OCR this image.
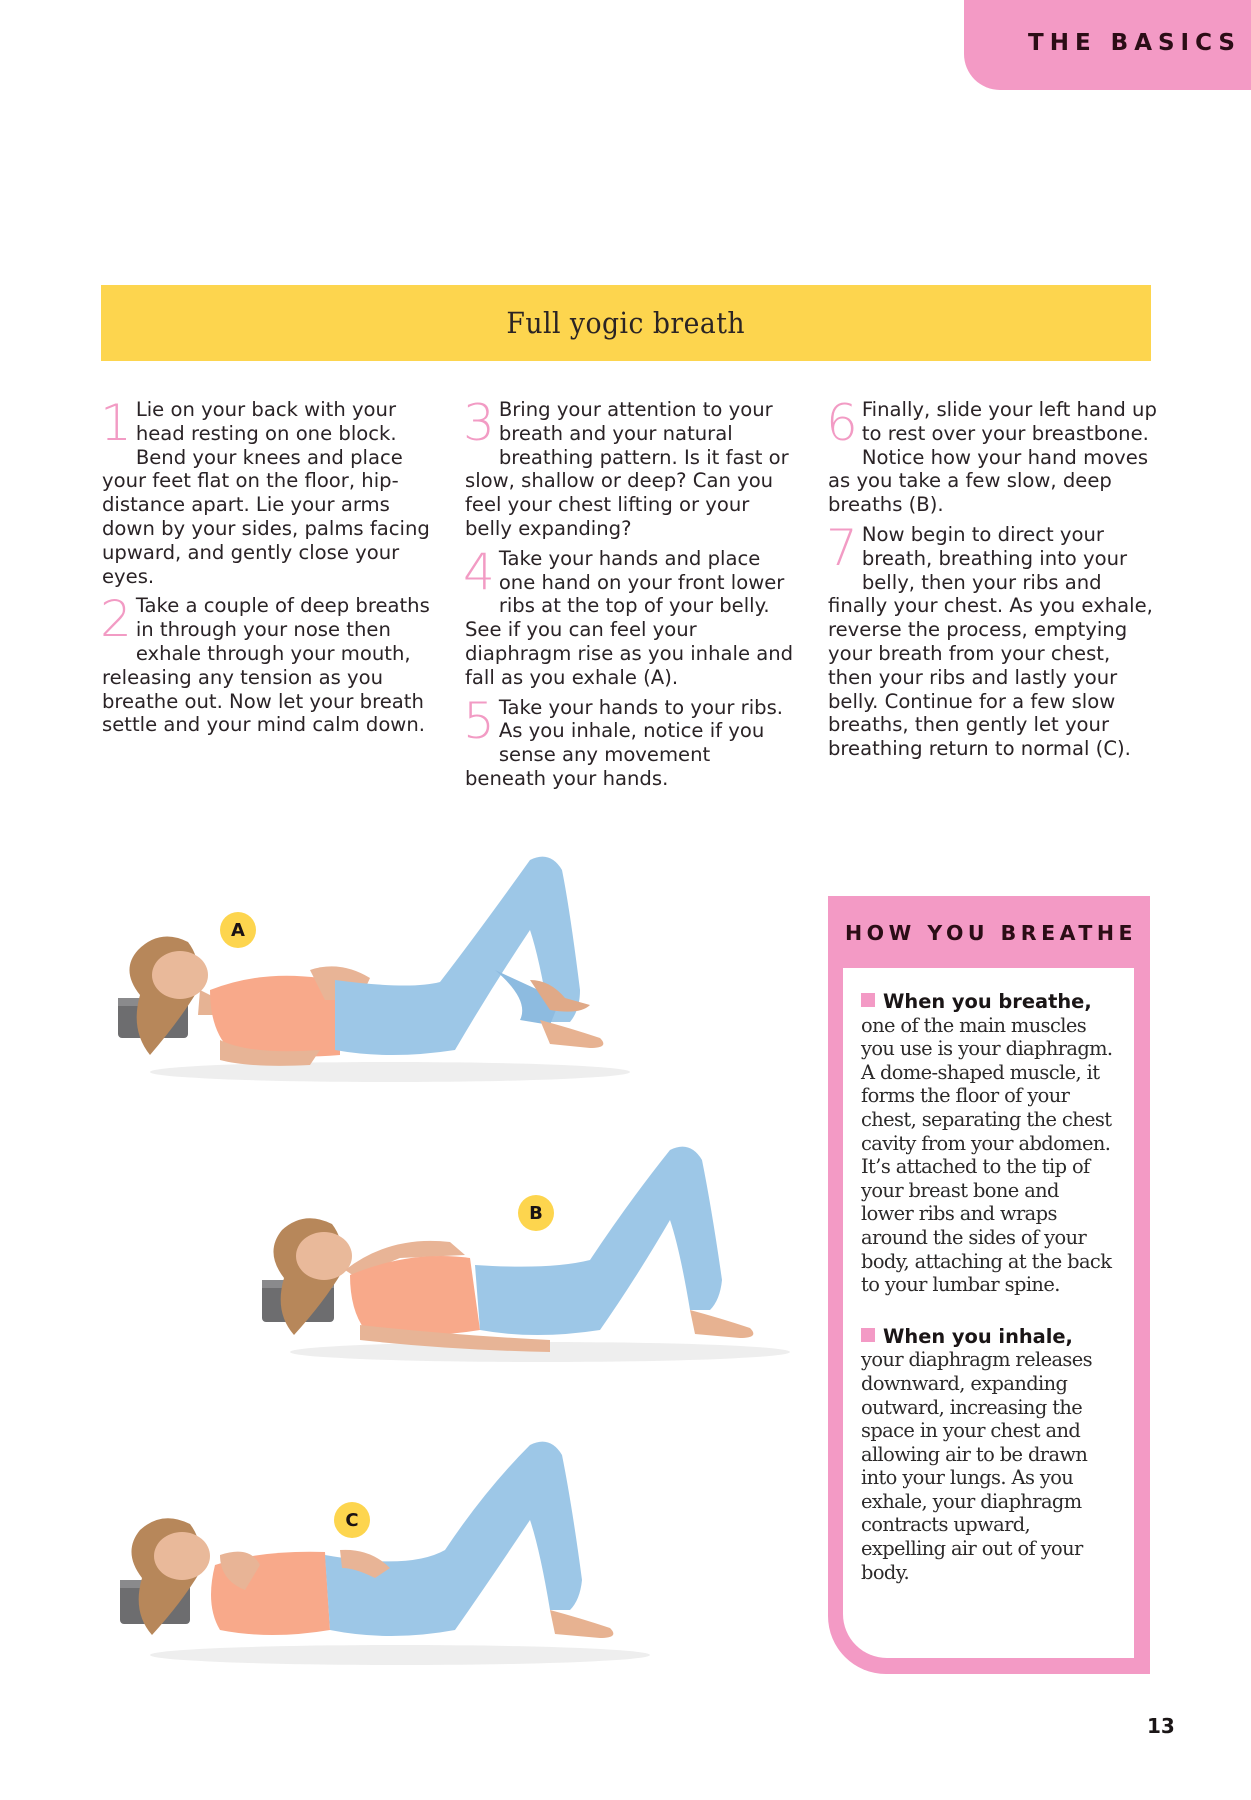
THE BASICS
Full yogic breath

1 Lie on your back with your head resting on one block. Bend your knees and place your feet flat on the floor, hip-distance apart. Lie your arms down by your sides, palms facing upward, and gently close your eyes.

2 Take a couple of deep breaths in through your nose then exhale through your mouth, releasing any tension as you breathe out. Now let your breath settle and your mind calm down.

3 Bring your attention to your breath and your natural breathing pattern. Is it fast or slow, shallow or deep? Can you feel your chest lifting or your belly expanding?

4 Take your hands and place one hand on your front lower ribs at the top of your belly. See if you can feel your diaphragm rise as you inhale and fall as you exhale (A).

5 Take your hands to your ribs. As you inhale, notice if you sense any movement beneath your hands.

6 Finally, slide your left hand up to rest over your breastbone. Notice how your hand moves as you take a few slow, deep breaths (B).

7 Now begin to direct your breath, breathing into your belly, then your ribs and finally your chest. As you exhale, reverse the process, emptying your breath from your chest, then your ribs and lastly your belly. Continue for a few slow breaths, then gently let your breathing return to normal (C).

A
B
C
HOW YOU BREATHE

When you breathe, one of the main muscles you use is your diaphragm. A dome-shaped muscle, it forms the floor of your chest, separating the chest cavity from your abdomen. It’s attached to the tip of your breast bone and lower ribs and wraps around the sides of your body, attaching at the back to your lumbar spine.

When you inhale, your diaphragm releases downward, expanding outward, increasing the space in your chest and allowing air to be drawn into your lungs. As you exhale, your diaphragm contracts upward, expelling air out of your body.

13
